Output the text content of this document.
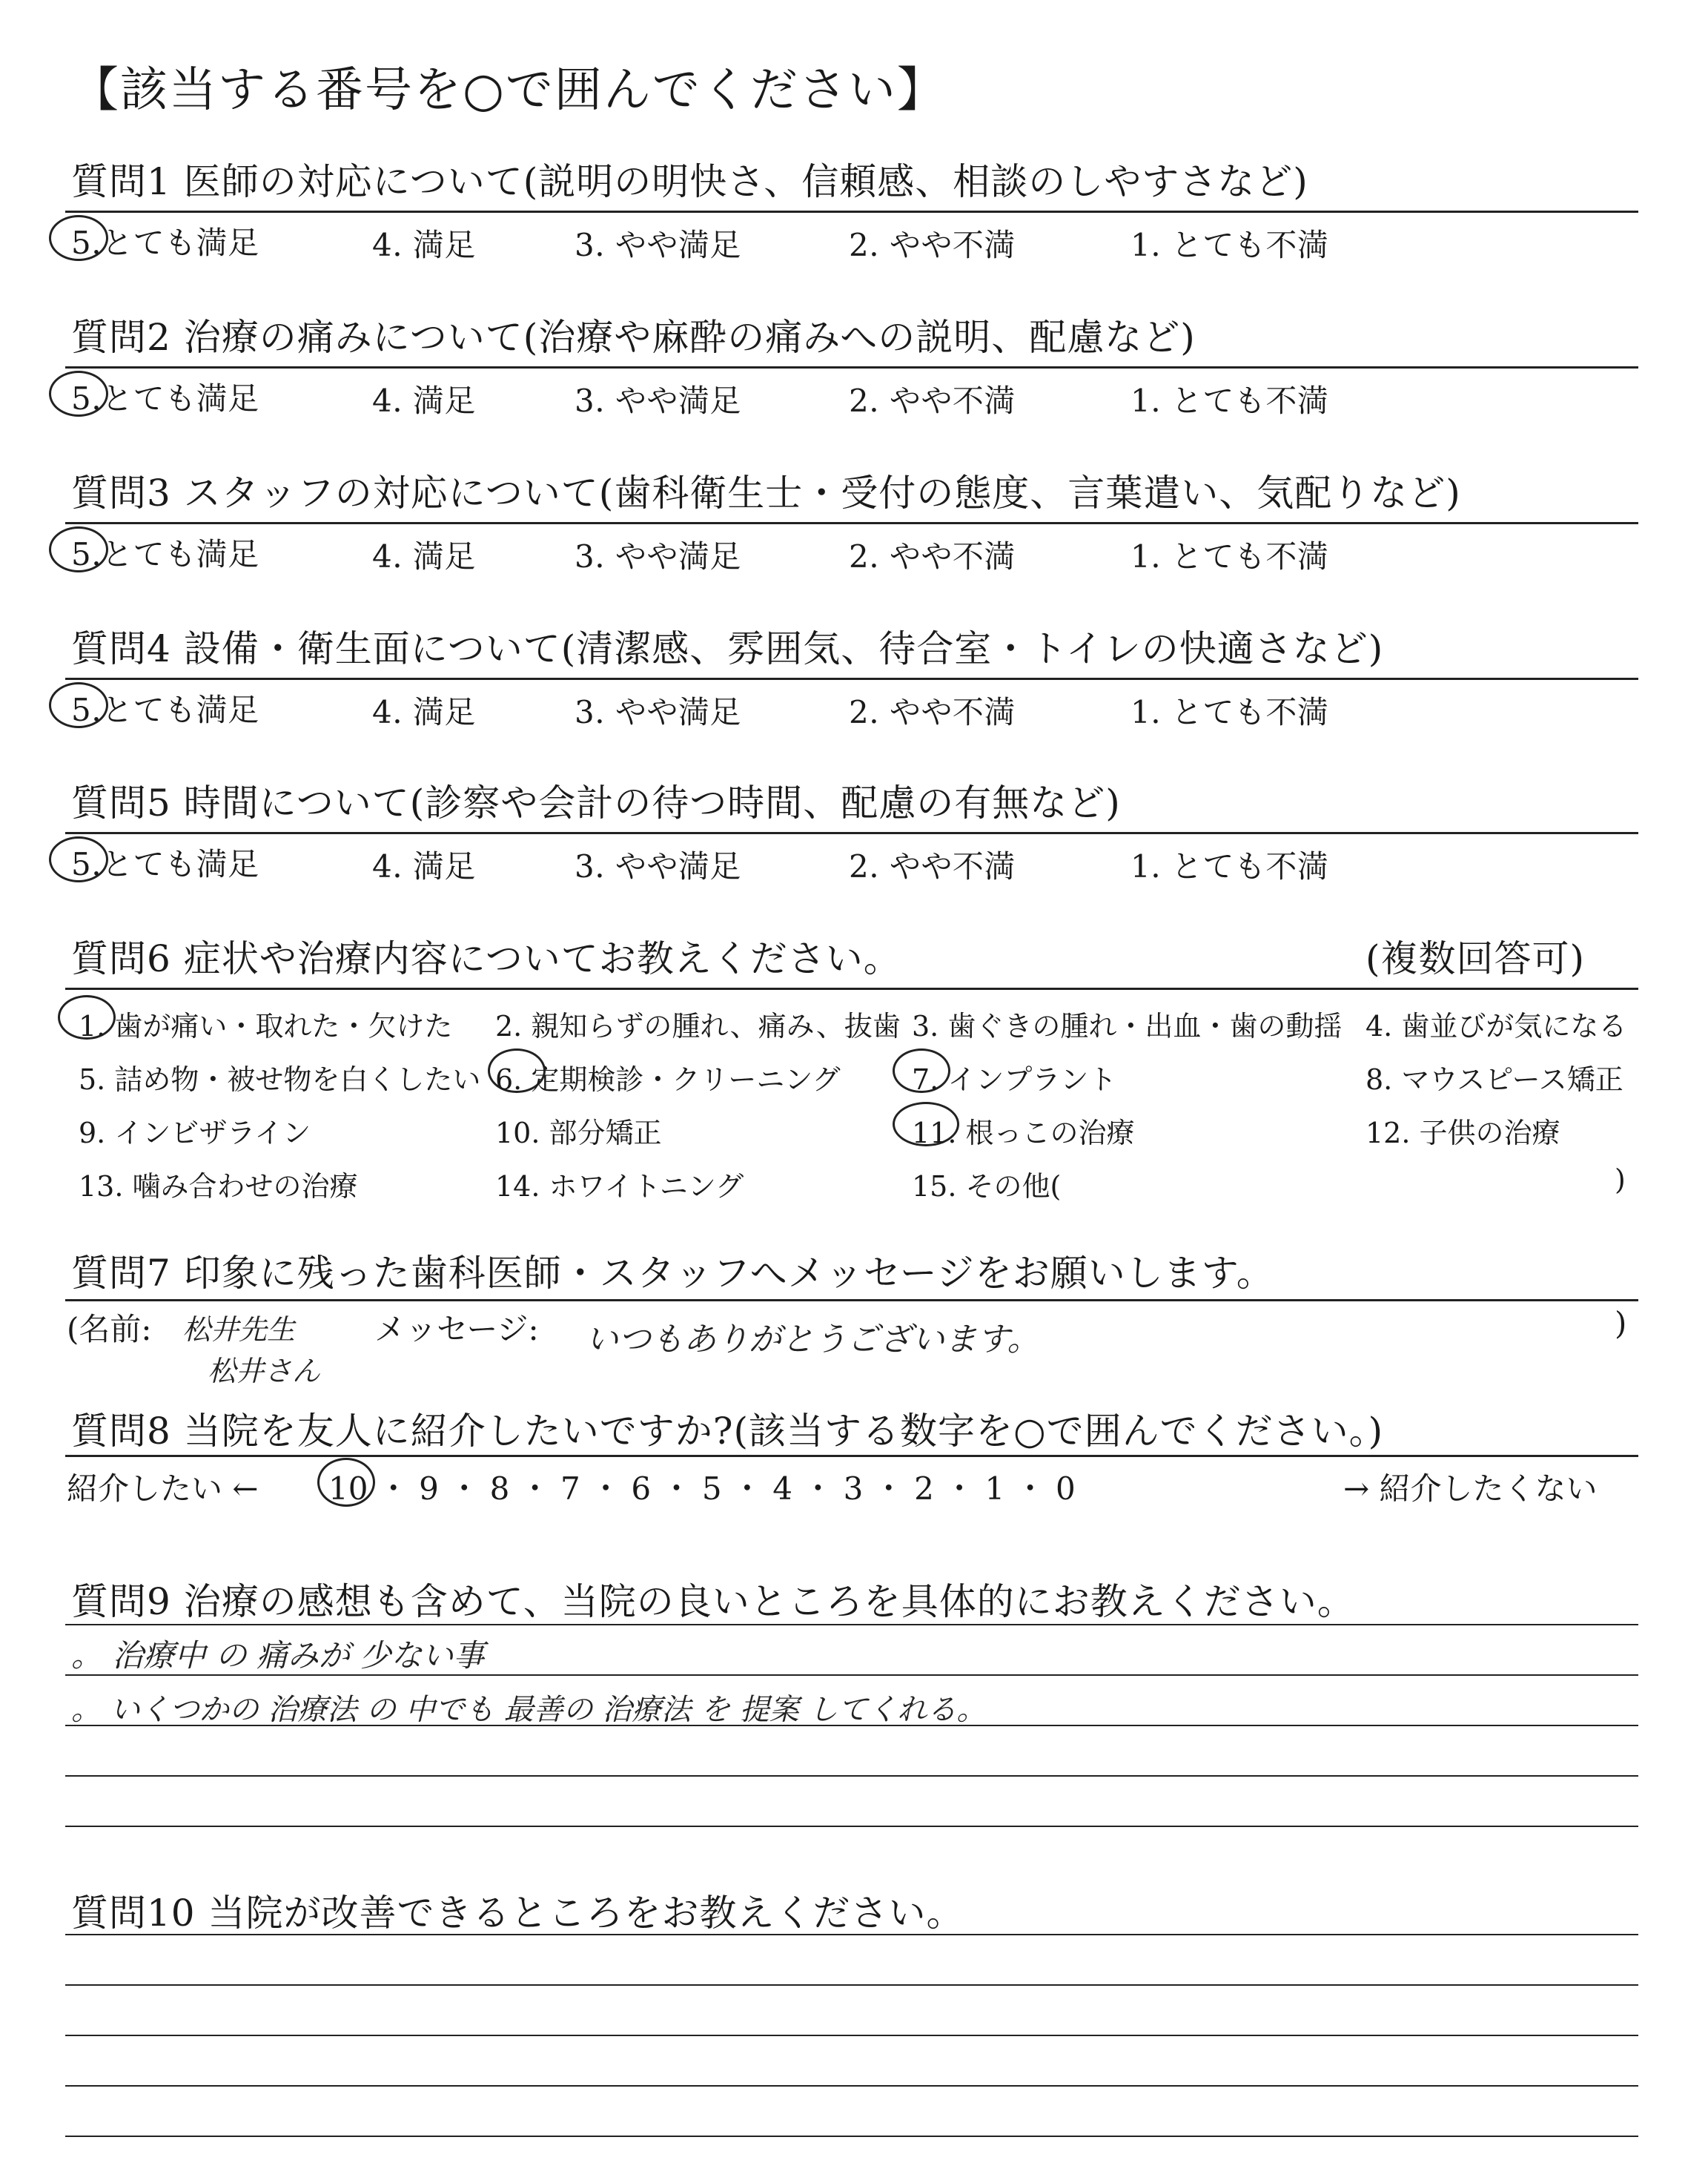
【該当する番号を○で囲んでください】
質問1 医師の対応について(説明の明快さ、信頼感、相談のしやすさなど)
5.とても満足	4. 満足	3. やや満足	2. やや不満	1. とても不満
質問2 治療の痛みについて(治療や麻酔の痛みへの説明、配慮など)
5.とても満足	4. 満足	3. やや満足	2. やや不満	1. とても不満
質問3 スタッフの対応について(歯科衛生士・受付の態度、言葉遣い、気配りなど)
5.とても満足	4. 満足	3. やや満足	2. やや不満	1. とても不満
質問4 設備・衛生面について(清潔感、雰囲気、待合室・トイレの快適さなど)
5.とても満足	4. 満足	3. やや満足	2. やや不満	1. とても不満
質問5 時間について(診察や会計の待つ時間、配慮の有無など)
5.とても満足	4. 満足	3. やや満足	2. やや不満	1. とても不満
質問6 症状や治療内容についてお教えください。	(複数回答可)
1. 歯が痛い・取れた・欠けた 2. 親知らずの腫れ、痛み、抜歯 3. 歯ぐきの腫れ・出血・歯の動揺 4. 歯並びが気になる
5. 詰め物・被せ物を白くしたい 6. 定期検診・クリーニング	7. インプラント	8. マウスピース矯正
9. インビザライン	10. 部分矯正	11. 根っこの治療	12. 子供の治療
13. 噛み合わせの治療	14. ホワイトニング	15. その他(	)
質問7 印象に残った歯科医師・スタッフへメッセージをお願いします。
(名前: 松井先生
松井さん
メッセージ: いつもありがとうございます。	)
質問8 当院を友人に紹介したいですか?(該当する数字を○で囲んでください。)
紹介したい ← 10 ・ 9 ・ 8 ・ 7 ・ 6 ・ 5 ・ 4 ・ 3 ・ 2 ・ 1 ・ 0	→ 紹介したくない
質問9 治療の感想も含めて、当院の良いところを具体的にお教えください。
。 治療中 の 痛みが 少ない事
。 いくつかの 治療法 の 中でも 最善の 治療法 を 提案 してくれる。
質問10 当院が改善できるところをお教えください。
